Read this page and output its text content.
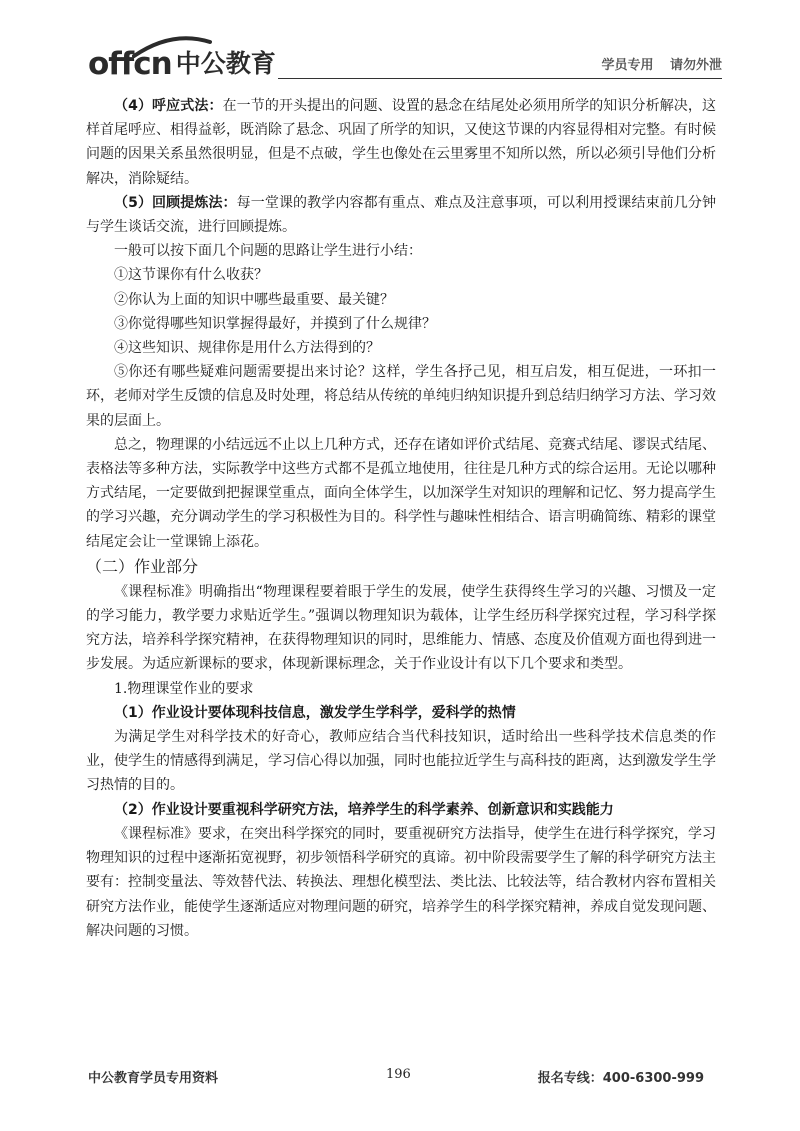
offcn 中公教育	学员专用 请勿外泄

（4）呼应式法：在一节的开头提出的问题、设置的悬念在结尾处必须用所学的知识分析解决，这样首尾呼应、相得益彰，既消除了悬念、巩固了所学的知识，又使这节课的内容显得相对完整。有时候问题的因果关系虽然很明显，但是不点破，学生也像处在云里雾里不知所以然，所以必须引导他们分析解决，消除疑结。

（5）回顾提炼法：每一堂课的教学内容都有重点、难点及注意事项，可以利用授课结束前几分钟与学生谈话交流，进行回顾提炼。

一般可以按下面几个问题的思路让学生进行小结：

①这节课你有什么收获？

②你认为上面的知识中哪些最重要、最关键？

③你觉得哪些知识掌握得最好，并摸到了什么规律？

④这些知识、规律你是用什么方法得到的？

⑤你还有哪些疑难问题需要提出来讨论？这样，学生各抒己见，相互启发，相互促进，一环扣一环，老师对学生反馈的信息及时处理，将总结从传统的单纯归纳知识提升到总结归纳学习方法、学习效果的层面上。

总之，物理课的小结远远不止以上几种方式，还存在诸如评价式结尾、竞赛式结尾、谬误式结尾、表格法等多种方法，实际教学中这些方式都不是孤立地使用，往往是几种方式的综合运用。无论以哪种方式结尾，一定要做到把握课堂重点，面向全体学生，以加深学生对知识的理解和记忆、努力提高学生的学习兴趣，充分调动学生的学习积极性为目的。科学性与趣味性相结合、语言明确简练、精彩的课堂结尾定会让一堂课锦上添花。

（二）作业部分

《课程标准》明确指出“物理课程要着眼于学生的发展，使学生获得终生学习的兴趣、习惯及一定的学习能力，教学要力求贴近学生。”强调以物理知识为载体，让学生经历科学探究过程，学习科学探究方法，培养科学探究精神，在获得物理知识的同时，思维能力、情感、态度及价值观方面也得到进一步发展。为适应新课标的要求，体现新课标理念，关于作业设计有以下几个要求和类型。

1.物理课堂作业的要求

（1）作业设计要体现科技信息，激发学生学科学，爱科学的热情

为满足学生对科学技术的好奇心，教师应结合当代科技知识，适时给出一些科学技术信息类的作业，使学生的情感得到满足，学习信心得以加强，同时也能拉近学生与高科技的距离，达到激发学生学习热情的目的。

（2）作业设计要重视科学研究方法，培养学生的科学素养、创新意识和实践能力

《课程标准》要求，在突出科学探究的同时，要重视研究方法指导，使学生在进行科学探究，学习物理知识的过程中逐渐拓宽视野，初步领悟科学研究的真谛。初中阶段需要学生了解的科学研究方法主要有：控制变量法、等效替代法、转换法、理想化模型法、类比法、比较法等，结合教材内容布置相关研究方法作业，能使学生逐渐适应对物理问题的研究，培养学生的科学探究精神，养成自觉发现问题、解决问题的习惯。

中公教育学员专用资料	196	报名专线：400-6300-999
